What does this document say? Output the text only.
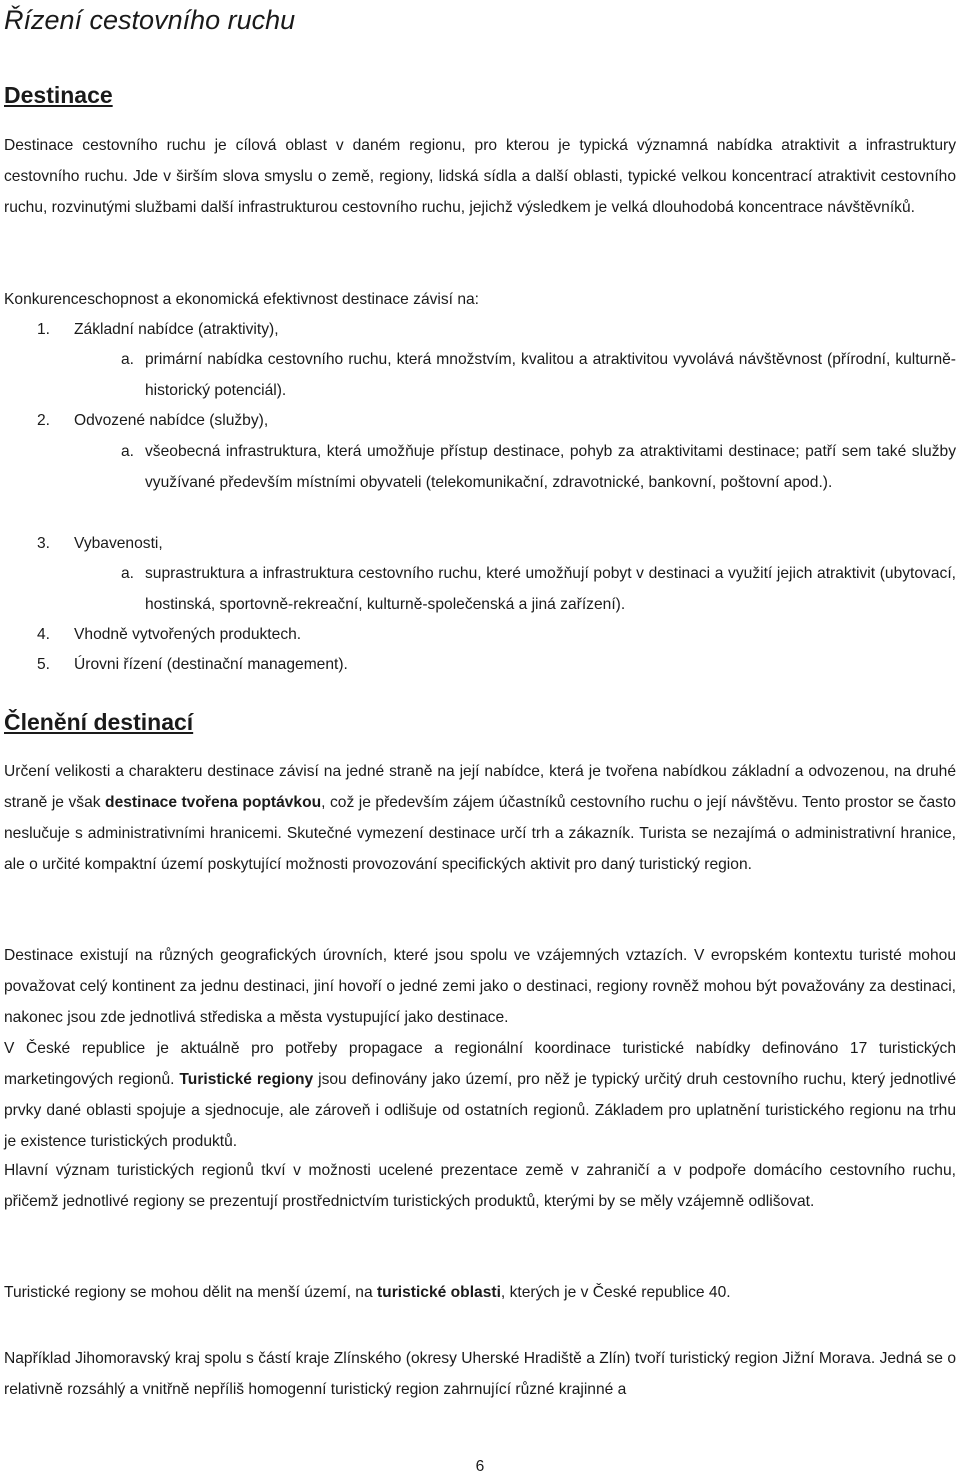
Řízení cestovního ruchu
Destinace

Destinace cestovního ruchu je cílová oblast v daném regionu, pro kterou je typická významná nabídka atraktivit a infrastruktury cestovního ruchu. Jde v širším slova smyslu o země, regiony, lidská sídla a další oblasti, typické velkou koncentrací atraktivit cestovního ruchu, rozvinutými službami další infrastrukturou cestovního ruchu, jejichž výsledkem je velká dlouhodobá koncentrace návštěvníků.

Konkurenceschopnost a ekonomická efektivnost destinace závisí na:

1. Základní nabídce (atraktivity),
a. primární nabídka cestovního ruchu, která množstvím, kvalitou a atraktivitou vyvolává návštěvnost (přírodní, kulturně-historický potenciál).

2. Odvozené nabídce (služby),
a. všeobecná infrastruktura, která umožňuje přístup destinace, pohyb za atraktivitami destinace; patří sem také služby využívané především místními obyvateli (telekomunikační, zdravotnické, bankovní, poštovní apod.).

3. Vybavenosti,
a. suprastruktura a infrastruktura cestovního ruchu, které umožňují pobyt v destinaci a využití jejich atraktivit (ubytovací, hostinská, sportovně-rekreační, kulturně-společenská a jiná zařízení).

4. Vhodně vytvořených produktech.
5. Úrovni řízení (destinační management).
Členění destinací

Určení velikosti a charakteru destinace závisí na jedné straně na její nabídce, která je tvořena nabídkou základní a odvozenou, na druhé straně je však destinace tvořena poptávkou, což je především zájem účastníků cestovního ruchu o její návštěvu. Tento prostor se často neslučuje s administrativními hranicemi. Skutečné vymezení destinace určí trh a zákazník. Turista se nezajímá o administrativní hranice, ale o určité kompaktní území poskytující možnosti provozování specifických aktivit pro daný turistický region.

Destinace existují na různých geografických úrovních, které jsou spolu ve vzájemných vztazích. V evropském kontextu turisté mohou považovat celý kontinent za jednu destinaci, jiní hovoří o jedné zemi jako o destinaci, regiony rovněž mohou být považovány za destinaci, nakonec jsou zde jednotlivá střediska a města vystupující jako destinace.

V České republice je aktuálně pro potřeby propagace a regionální koordinace turistické nabídky definováno 17 turistických marketingových regionů. Turistické regiony jsou definovány jako území, pro něž je typický určitý druh cestovního ruchu, který jednotlivé prvky dané oblasti spojuje a sjednocuje, ale zároveň i odlišuje od ostatních regionů. Základem pro uplatnění turistického regionu na trhu je existence turistických produktů.

Hlavní význam turistických regionů tkví v možnosti ucelené prezentace země v zahraničí a v podpoře domácího cestovního ruchu, přičemž jednotlivé regiony se prezentují prostřednictvím turistických produktů, kterými by se měly vzájemně odlišovat.

Turistické regiony se mohou dělit na menší území, na turistické oblasti, kterých je v České republice 40.

Například Jihomoravský kraj spolu s částí kraje Zlínského (okresy Uherské Hradiště a Zlín) tvoří turistický region Jižní Morava. Jedná se o relativně rozsáhlý a vnitřně nepříliš homogenní turistický region zahrnující různé krajinné a

6
